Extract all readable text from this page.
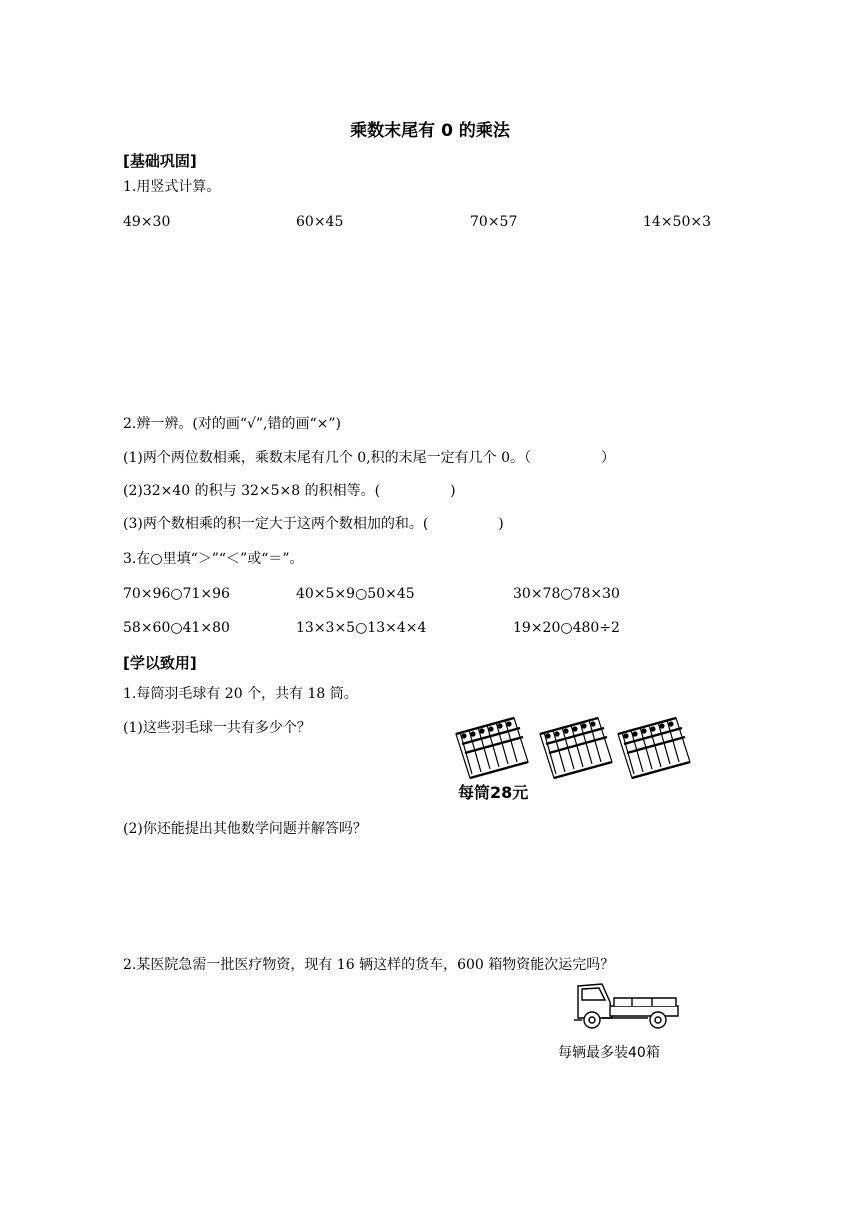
乘数末尾有 0 的乘法
[基础巩固]
1.用竖式计算。
49×30	60×45	70×57	14×50×3
2.辨一辨。(对的画“√”,错的画“×”)
(1)两个两位数相乘，乘数末尾有几个 0,积的末尾一定有几个 0。（　　　　　）
(2)32×40 的积与 32×5×8 的积相等。(　　　　　)
(3)两个数相乘的积一定大于这两个数相加的和。(　　　　　)
3.在○里填“＞”“＜”或“＝”。
70×96○71×96	40×5×9○50×45	30×78○78×30
58×60○41×80	13×3×5○13×4×4	19×20○480÷2
[学以致用]
1.每筒羽毛球有 20 个，共有 18 筒。
(1)这些羽毛球一共有多少个？
每筒28元
(2)你还能提出其他数学问题并解答吗？
2.某医院急需一批医疗物资，现有 16 辆这样的货车，600 箱物资能次运完吗？
每辆最多装40箱
